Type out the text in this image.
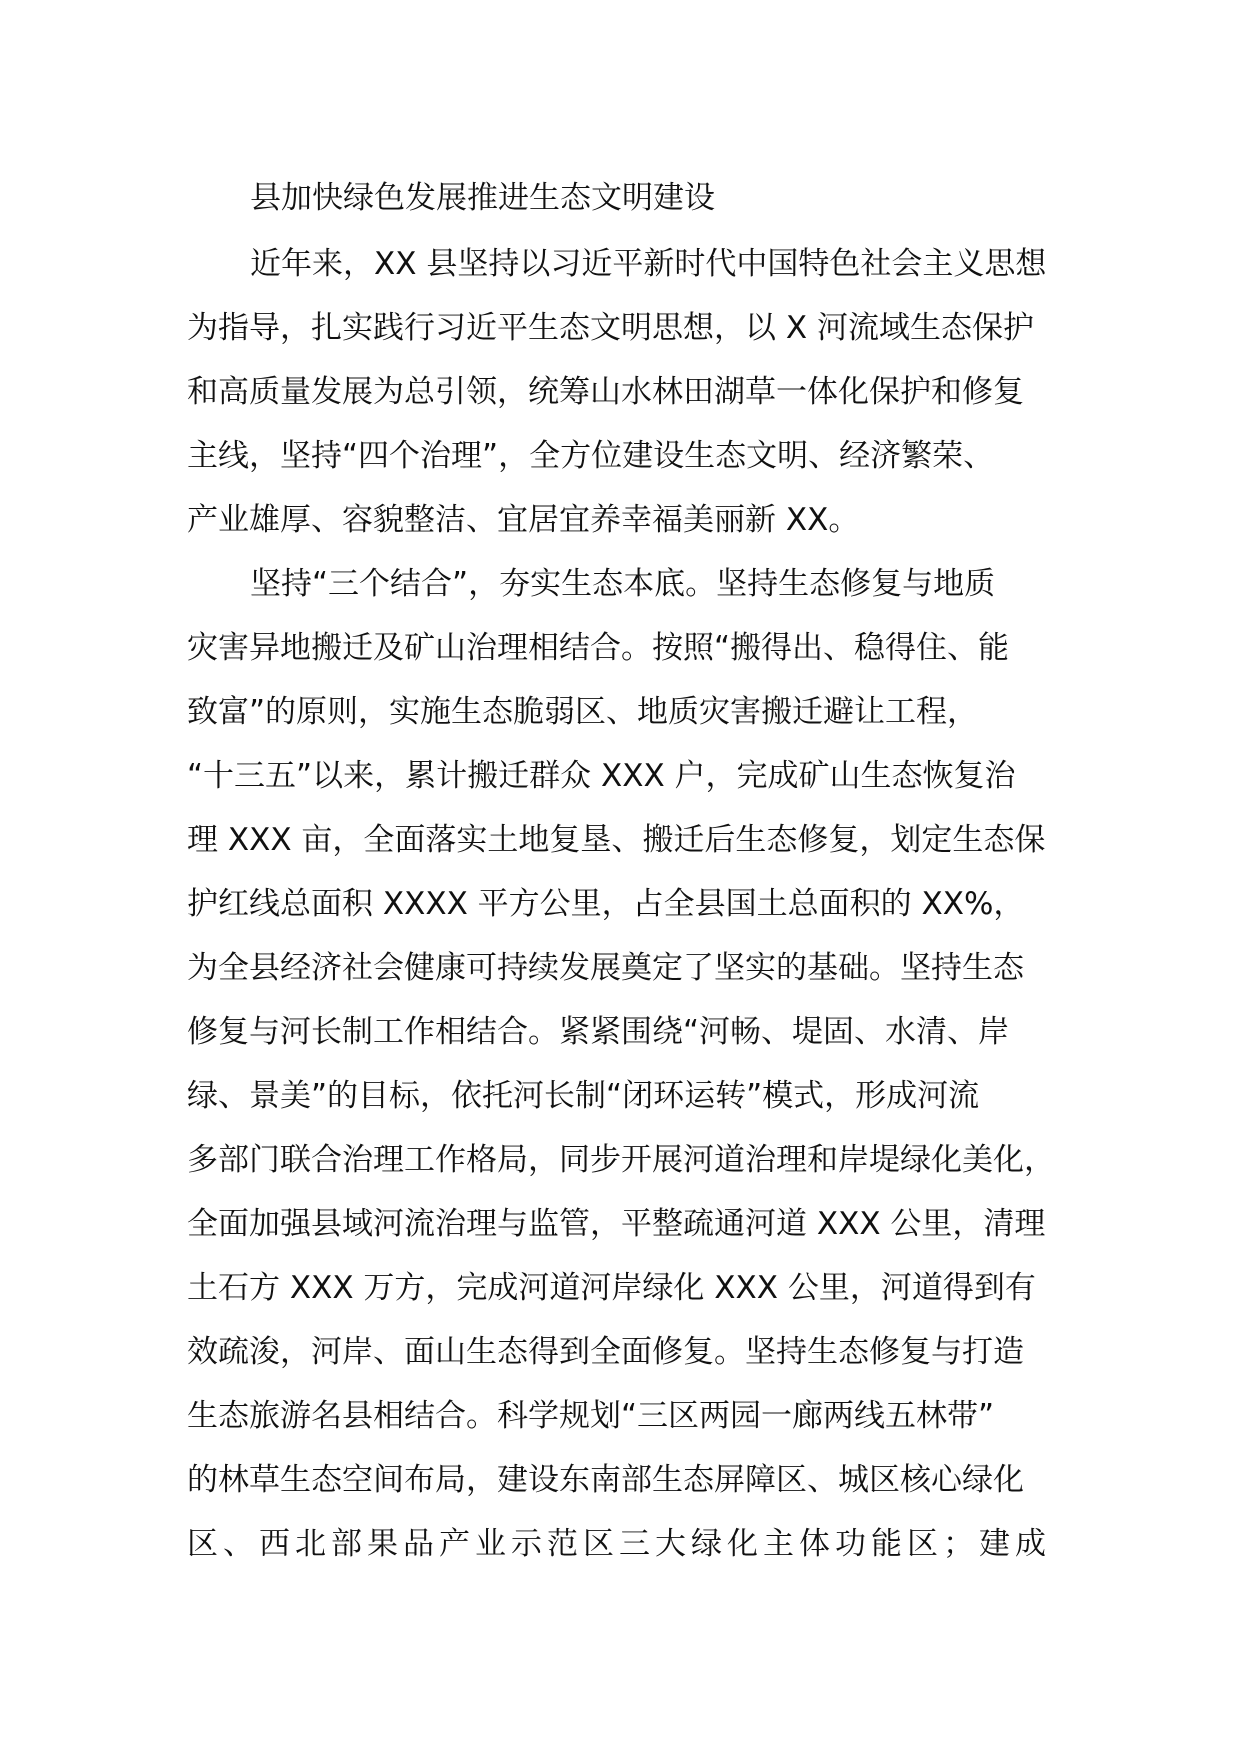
县加快绿色发展推进生态文明建设

近年来，XX 县坚持以习近平新时代中国特色社会主义思想

为指导，扎实践行习近平生态文明思想，以 X 河流域生态保护

和高质量发展为总引领，统筹山水林田湖草一体化保护和修复

主线，坚持“四个治理”，全方位建设生态文明、经济繁荣、

产业雄厚、容貌整洁、宜居宜养幸福美丽新 XX。

坚持“三个结合”，夯实生态本底。坚持生态修复与地质

灾害异地搬迁及矿山治理相结合。按照“搬得出、稳得住、能

致富”的原则，实施生态脆弱区、地质灾害搬迁避让工程，

“十三五”以来，累计搬迁群众 XXX 户，完成矿山生态恢复治

理 XXX 亩，全面落实土地复垦、搬迁后生态修复，划定生态保

护红线总面积 XXXX 平方公里，占全县国土总面积的 XX%，

为全县经济社会健康可持续发展奠定了坚实的基础。坚持生态

修复与河长制工作相结合。紧紧围绕“河畅、堤固、水清、岸

绿、景美”的目标，依托河长制“闭环运转”模式，形成河流

多部门联合治理工作格局，同步开展河道治理和岸堤绿化美化，

全面加强县域河流治理与监管，平整疏通河道 XXX 公里，清理

土石方 XXX 万方，完成河道河岸绿化 XXX 公里，河道得到有

效疏浚，河岸、面山生态得到全面修复。坚持生态修复与打造

生态旅游名县相结合。科学规划“三区两园一廊两线五林带”

的林草生态空间布局，建设东南部生态屏障区、城区核心绿化

区、西北部果品产业示范区三大绿化主体功能区；建成
